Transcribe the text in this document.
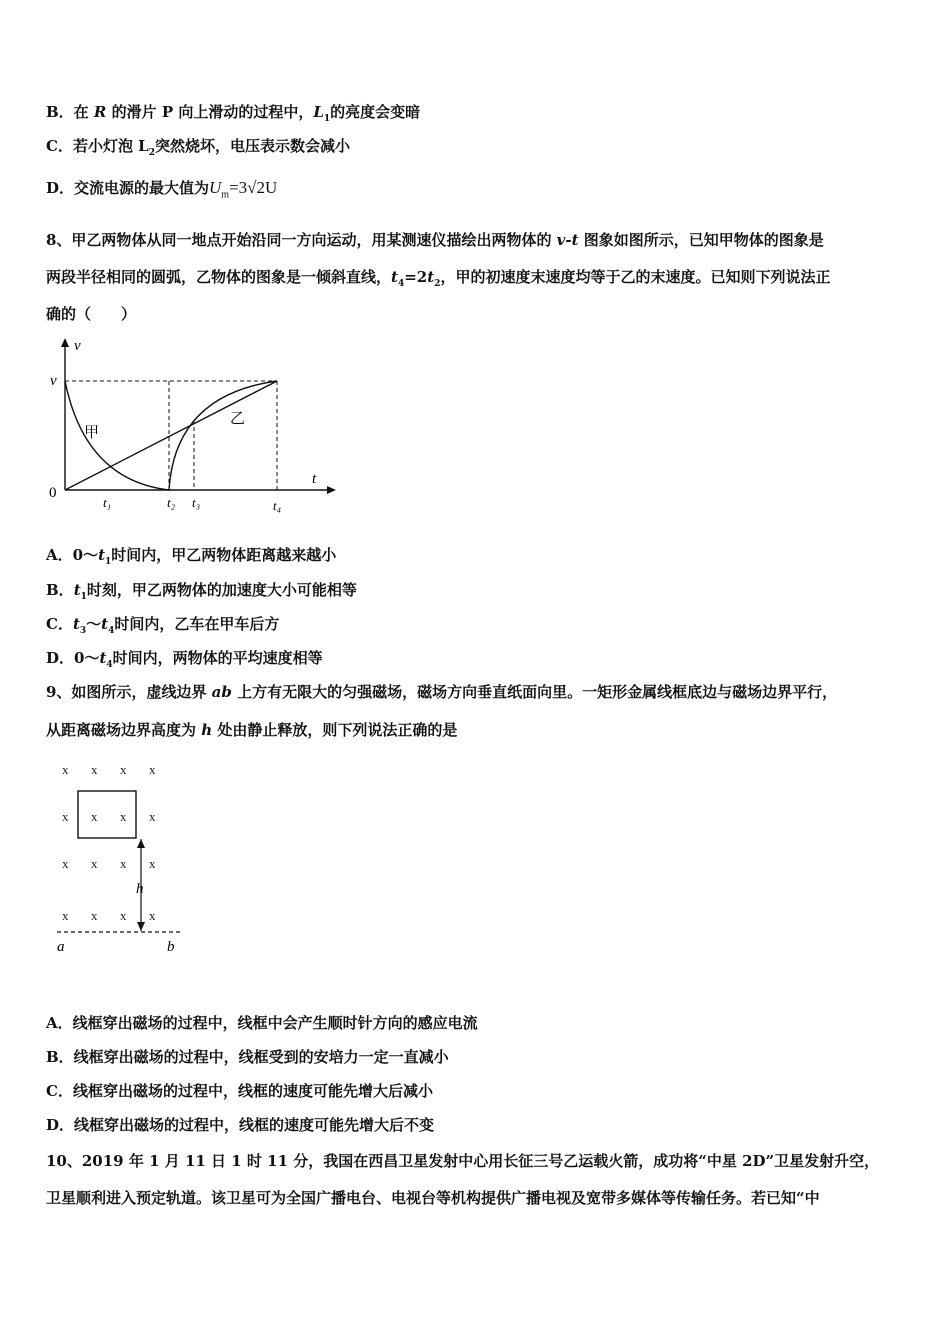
B．在 R 的滑片 P 向上滑动的过程中，$L_1$的亮度会变暗
C．若小灯泡 $L_2$突然烧坏，电压表示数会减小
D．交流电源的最大值为$U_m=3√2U$
8、甲乙两物体从同一地点开始沿同一方向运动，用某测速仪描绘出两物体的 v-t 图象如图所示，已知甲物体的图象是
两段半径相同的圆弧，乙物体的图象是一倾斜直线，$t_4=2t_2$，甲的初速度末速度均等于乙的末速度。已知则下列说法正
确的（　　）
v
t
v
0
甲
乙
t₁	t₂ t₃	t₄
A．$0\sim t_1$时间内，甲乙两物体距离越来越小
B．$t_1$时刻，甲乙两物体的加速度大小可能相等
C．$t_3\sim t_4$时间内，乙车在甲车后方
D．$0\sim t_4$时间内，两物体的平均速度相等
9、如图所示，虚线边界 ab 上方有无限大的匀强磁场，磁场方向垂直纸面向里。一矩形金属线框底边与磁场边界平行，
从距离磁场边界高度为 h 处由静止释放，则下列说法正确的是
x x x x
x x x x
x x x x
x x x x
h
a	b
A．线框穿出磁场的过程中，线框中会产生顺时针方向的感应电流
B．线框穿出磁场的过程中，线框受到的安培力一定一直减小
C．线框穿出磁场的过程中，线框的速度可能先增大后减小
D．线框穿出磁场的过程中，线框的速度可能先增大后不变
10、2019 年 1 月 11 日 1 时 11 分，我国在西昌卫星发射中心用长征三号乙运载火箭，成功将“中星 2D”卫星发射升空，
卫星顺利进入预定轨道。该卫星可为全国广播电台、电视台等机构提供广播电视及宽带多媒体等传输任务。若已知“中
